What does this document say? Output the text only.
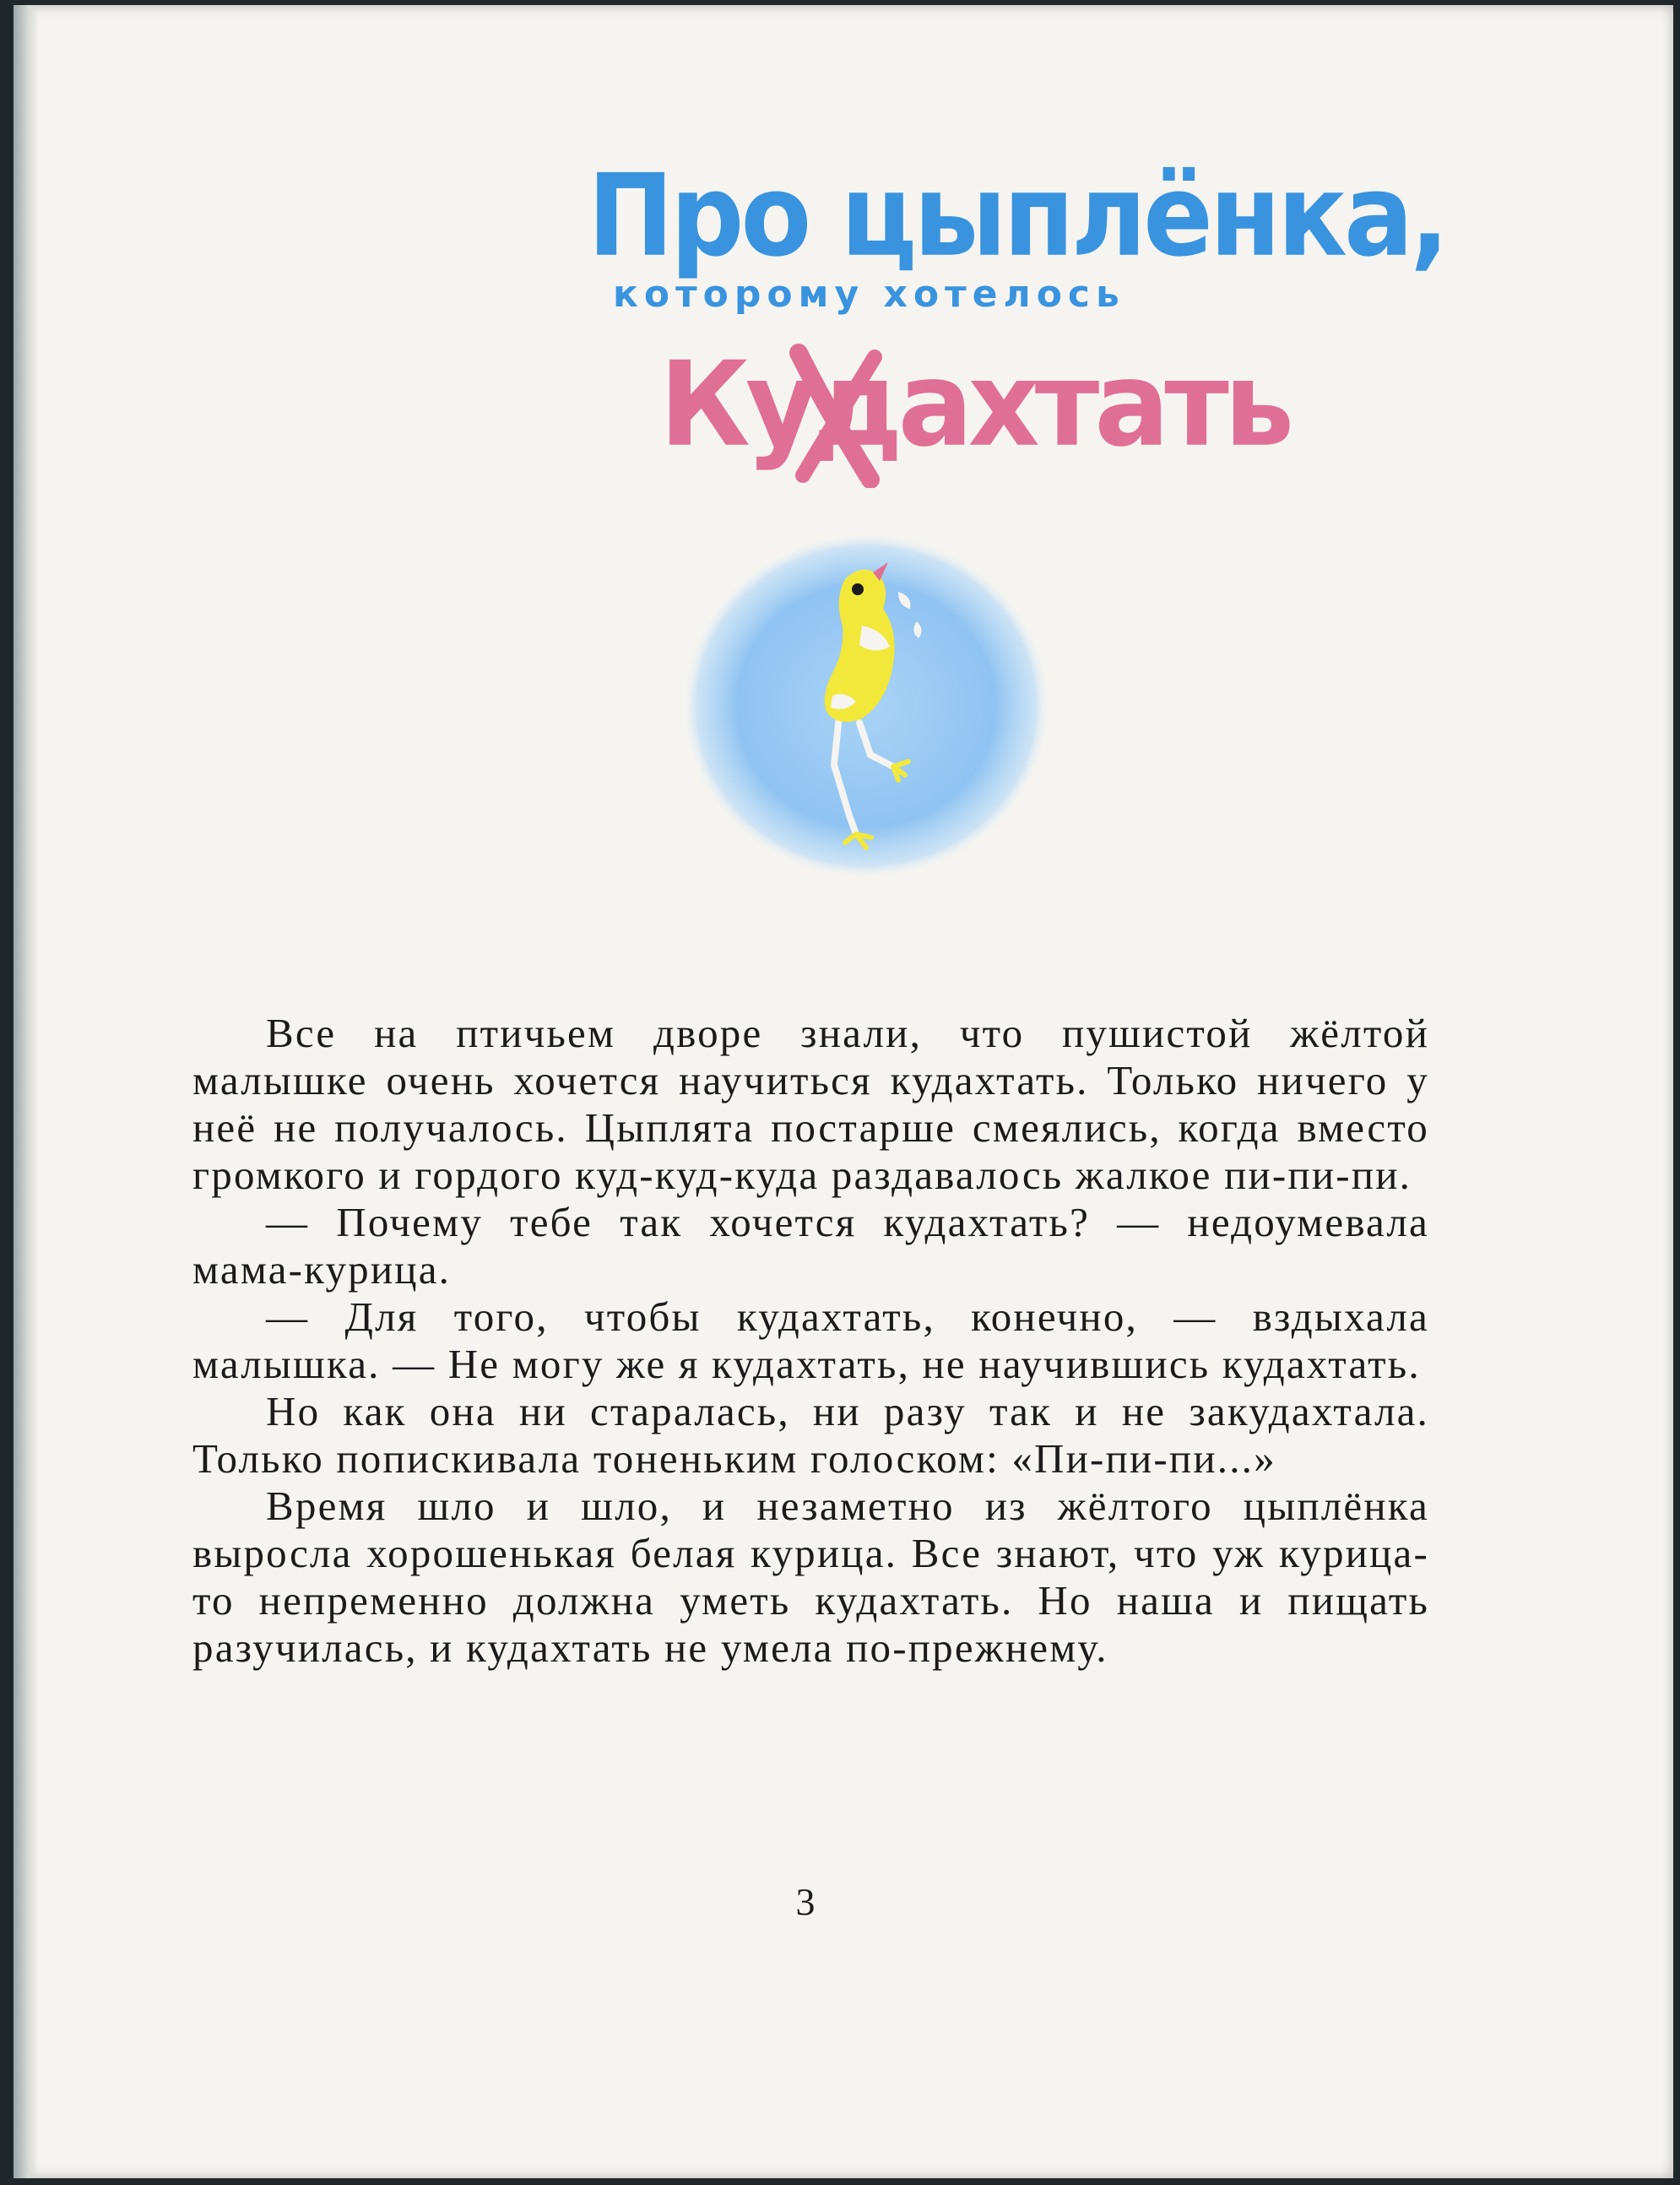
Про цыплёнка,
которому хотелось
Кудахтать

Все на птичьем дворе знали, что пушистой жёлтой малышке очень хочется научиться кудахтать. Только ничего у неё не получалось. Цыплята постарше смеялись, когда вместо громкого и гордого куд-куд-куда раздавалось жалкое пи-пи-пи.

— Почему тебе так хочется кудахтать? — недоумевала мама-курица.

— Для того, чтобы кудахтать, конечно, — вздыхала малышка. — Не могу же я кудахтать, не научившись кудахтать.

Но как она ни старалась, ни разу так и не закудахтала. Только попискивала тоненьким голоском: «Пи-пи-пи...»

Время шло и шло, и незаметно из жёлтого цыплёнка выросла хорошенькая белая курица. Все знают, что уж курица-то непременно должна уметь кудахтать. Но наша и пищать разучилась, и кудахтать не умела по-прежнему.

3
